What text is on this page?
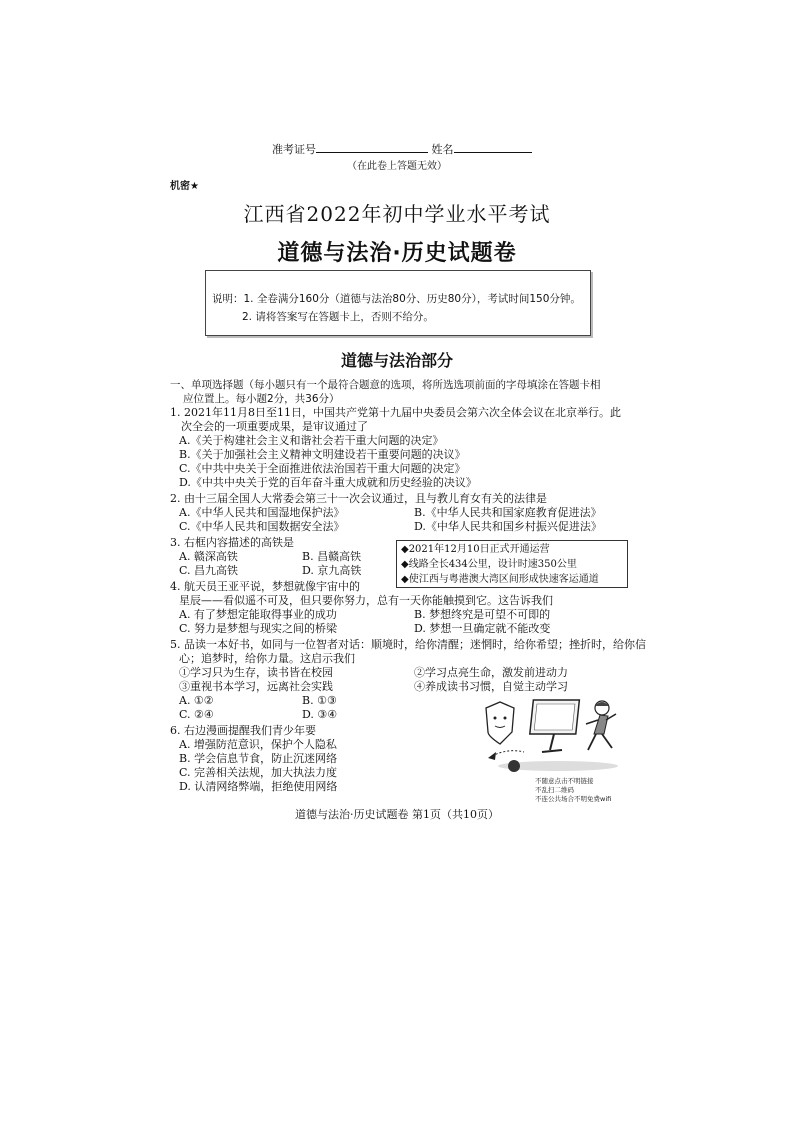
准考证号	姓名
（在此卷上答题无效）
机密★
江西省2022年初中学业水平考试
道德与法治·历史试题卷
说明：1. 全卷满分160分（道德与法治80分、历史80分），考试时间150分钟。
2. 请将答案写在答题卡上，否则不给分。
道德与法治部分
一、单项选择题（每小题只有一个最符合题意的选项，将所选选项前面的字母填涂在答题卡相
应位置上。每小题2分，共36分）
1. 2021年11月8日至11日，中国共产党第十九届中央委员会第六次全体会议在北京举行。此
次全会的一项重要成果，是审议通过了
A.《关于构建社会主义和谐社会若干重大问题的决定》
B.《关于加强社会主义精神文明建设若干重要问题的决议》
C.《中共中央关于全面推进依法治国若干重大问题的决定》
D.《中共中央关于党的百年奋斗重大成就和历史经验的决议》
2. 由十三届全国人大常委会第三十一次会议通过，且与教儿育女有关的法律是
A.《中华人民共和国湿地保护法》	B.《中华人民共和国家庭教育促进法》
C.《中华人民共和国数据安全法》	D.《中华人民共和国乡村振兴促进法》
3. 右框内容描述的高铁是
A. 赣深高铁	B. 昌赣高铁
C. 昌九高铁	D. 京九高铁
◆2021年12月10日正式开通运营
◆线路全长434公里，设计时速350公里
◆使江西与粤港澳大湾区间形成快速客运通道
4. 航天员王亚平说，梦想就像宇宙中的
星辰——看似遥不可及，但只要你努力，总有一天你能触摸到它。这告诉我们
A. 有了梦想定能取得事业的成功	B. 梦想终究是可望不可即的
C. 努力是梦想与现实之间的桥梁	D. 梦想一旦确定就不能改变
5. 品读一本好书，如同与一位智者对话：顺境时，给你清醒；迷惘时，给你希望；挫折时，给你信
心；追梦时，给你力量。这启示我们
①学习只为生存，读书皆在校园	②学习点亮生命，激发前进动力
③重视书本学习，远离社会实践	④养成读书习惯，自觉主动学习
A. ①②	B. ①③
C. ②④	D. ③④
6. 右边漫画提醒我们青少年要
A. 增强防范意识，保护个人隐私
B. 学会信息节食，防止沉迷网络
C. 完善相关法规，加大执法力度
D. 认清网络弊端，拒绝使用网络	不随意点击不明链接
不乱扫二维码
不连公共场合不明免费wifi
道德与法治·历史试题卷 第1页（共10页）
